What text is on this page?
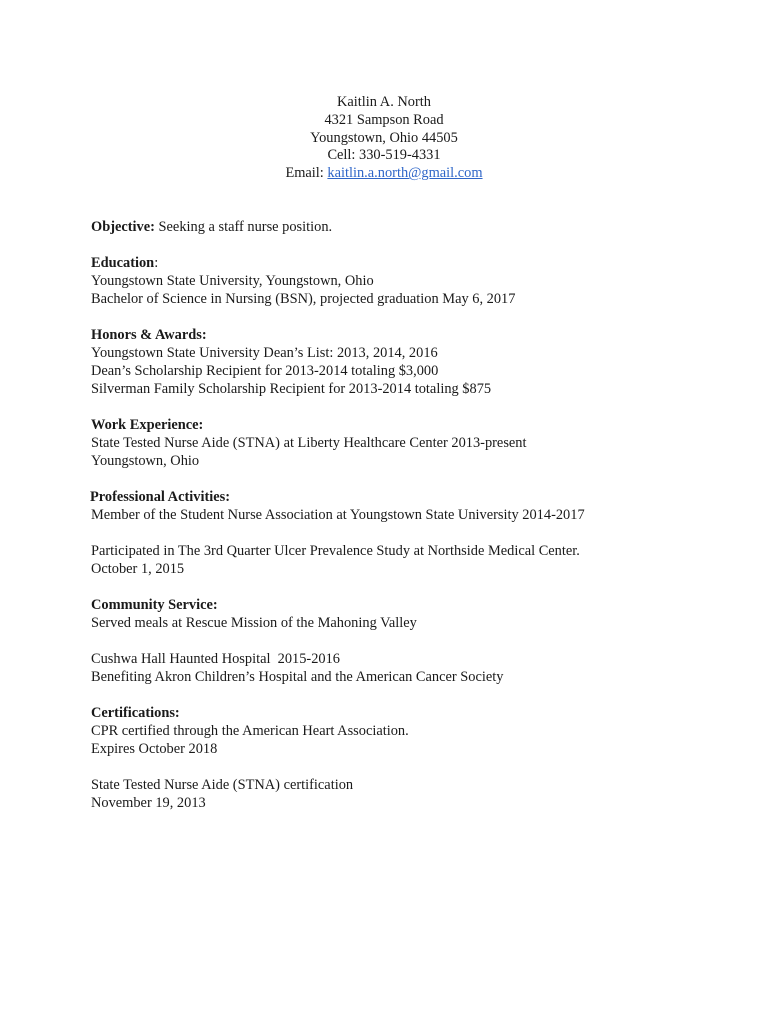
Kaitlin A. North
4321 Sampson Road
Youngstown, Ohio 44505
Cell: 330-519-4331
Email: kaitlin.a.north@gmail.com
Objective: Seeking a staff nurse position.
Education:
Youngstown State University, Youngstown, Ohio
Bachelor of Science in Nursing (BSN), projected graduation May 6, 2017
Honors & Awards:
Youngstown State University Dean’s List: 2013, 2014, 2016
Dean’s Scholarship Recipient for 2013-2014 totaling $3,000
Silverman Family Scholarship Recipient for 2013-2014 totaling $875
Work Experience:
State Tested Nurse Aide (STNA) at Liberty Healthcare Center 2013-present
Youngstown, Ohio
Professional Activities:
Member of the Student Nurse Association at Youngstown State University 2014-2017
Participated in The 3rd Quarter Ulcer Prevalence Study at Northside Medical Center.
October 1, 2015
Community Service:
Served meals at Rescue Mission of the Mahoning Valley
Cushwa Hall Haunted Hospital  2015-2016
Benefiting Akron Children’s Hospital and the American Cancer Society
Certifications:
CPR certified through the American Heart Association.
Expires October 2018
State Tested Nurse Aide (STNA) certification
November 19, 2013
